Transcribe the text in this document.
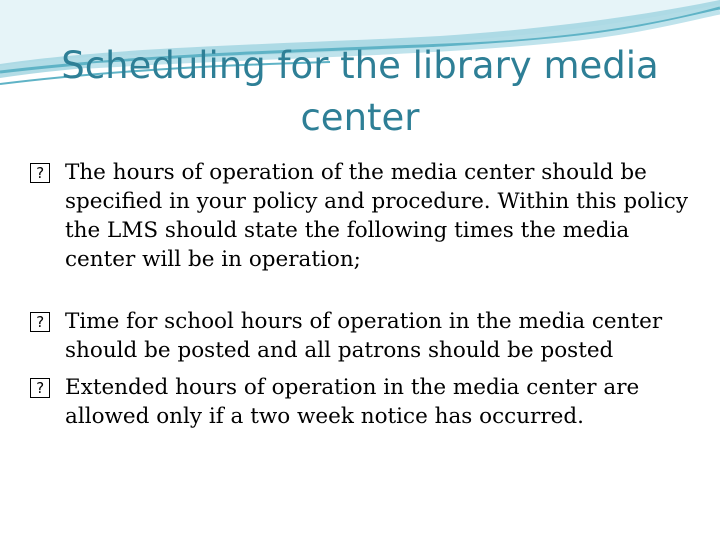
Scheduling for the library media center
? The hours of operation of the media center should be specified in your policy and procedure. Within this policy the LMS should state the following times the media center will be in operation;
? Time for school hours of operation in the media center should be posted and all patrons should be posted
? Extended hours of operation in the media center are allowed only if a two week notice has occurred.
